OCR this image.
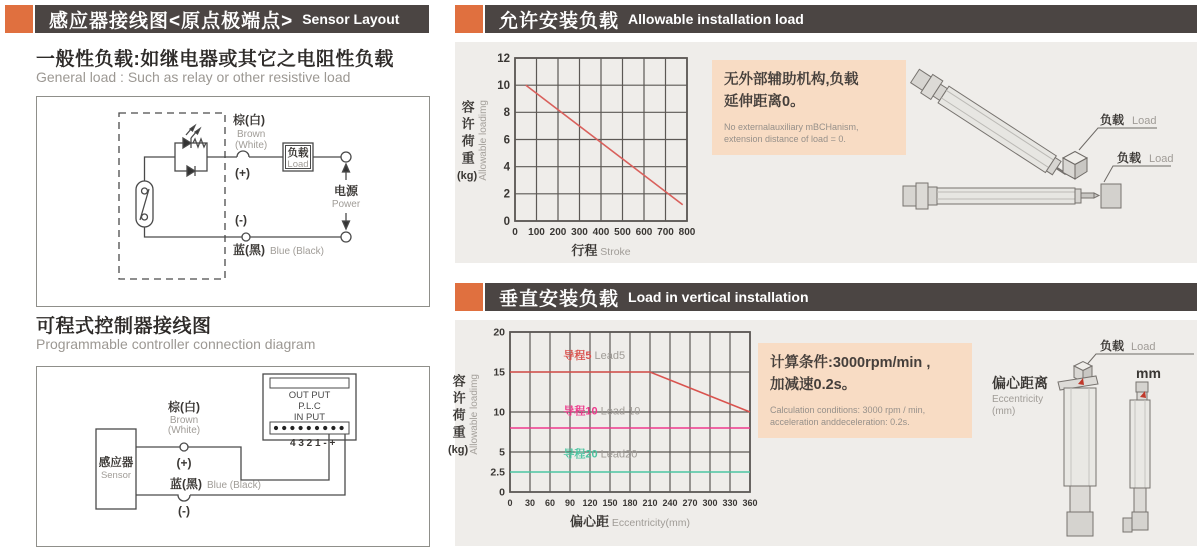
感应器接线图<原点极端点> Sensor Layout
一般性负载:如继电器或其它之电阻性负载
General load : Such as relay or other resistive load
棕(白)
(+)
(-)
蓝(黑)
电源
负载
Brown
(White)
Blue (Black)
Power
Load
可程式控制器接线图
Programmable controller connection diagram
棕(白)
(+)
(-)
感应器
4 3 2 1 - +
蓝(黑)
OUT PUT
P.L.C
IN PUT
Brown
(White)
Sensor
Blue (Black)
允许安装负载 Allowable installation load
容许荷重
(kg) Allowable loadimg
0 100 200 300 400 500 600 700 800
0
2
4
6
8
10
12
行程 Stroke
无外部辅助机构,负载
延伸距离0。
No externalauxiliary mBCHanism,
extension distance of load = 0.
负载 Load
负载 Load
垂直安装负载 Load in vertical installation
容许荷重
(kg) Allowable loadimg
0 30 60 90 120 150 180 210 240 270 300 330 360
0
2.5
5
10
15
20
导程5 Lead5
导程10 Lead 10
导程20 Lead20
偏心距 Eccentricity(mm)
计算条件:3000rpm/min ,
加减速0.2s。
Calculation conditions: 3000 rpm / min,
acceleration anddeceleration: 0.2s.
负载 Load
mm
偏心距离
Eccentricity
(mm)
